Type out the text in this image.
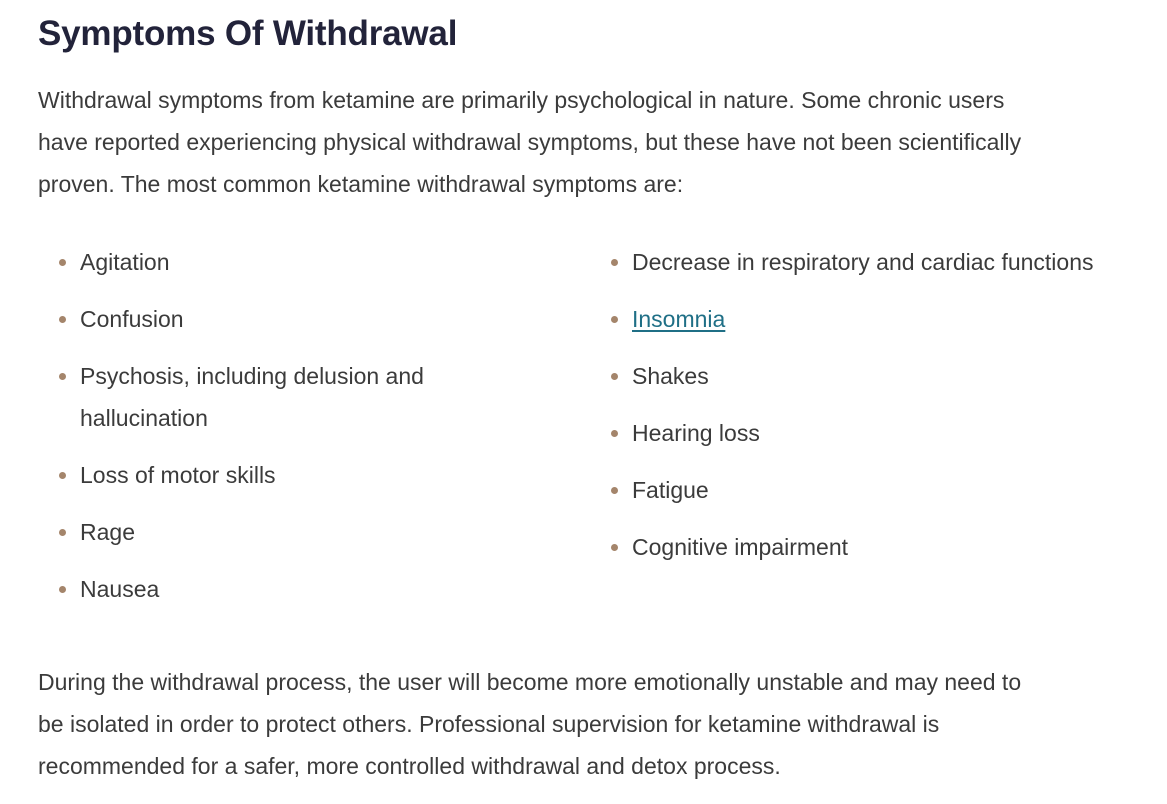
Symptoms Of Withdrawal

Withdrawal symptoms from ketamine are primarily psychological in nature. Some chronic users
have reported experiencing physical withdrawal symptoms, but these have not been scientifically
proven. The most common ketamine withdrawal symptoms are:

Agitation
Confusion
Psychosis, including delusion and
hallucination
Loss of motor skills
Rage
Nausea
Decrease in respiratory and cardiac functions
Insomnia
Shakes
Hearing loss
Fatigue
Cognitive impairment

During the withdrawal process, the user will become more emotionally unstable and may need to
be isolated in order to protect others. Professional supervision for ketamine withdrawal is
recommended for a safer, more controlled withdrawal and detox process.
